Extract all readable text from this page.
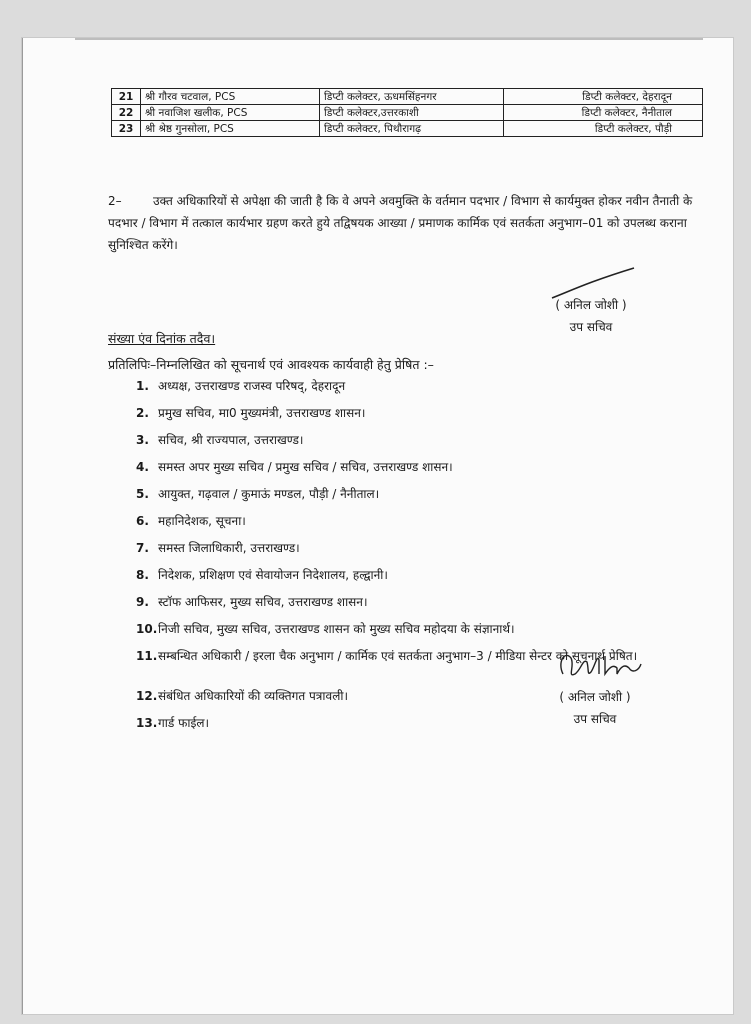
21	श्री गौरव चटवाल, PCS	डिप्टी कलेक्टर, ऊधमसिंहनगर	डिप्टी कलेक्टर, देहरादून
22	श्री नवाजिश खलीक, PCS	डिप्टी कलेक्टर,उत्तरकाशी	डिप्टी कलेक्टर, नैनीताल
23	श्री श्रेष्ठ गुनसोला, PCS	डिप्टी कलेक्टर, पिथौरागढ़	डिप्टी कलेक्टर, पौड़ी
2–	उक्त अधिकारियों से अपेक्षा की जाती है कि वे अपने अवमुक्ति के वर्तमान पदभार / विभाग से कार्यमुक्त होकर नवीन तैनाती के पदभार / विभाग में तत्काल कार्यभार ग्रहण करते हुये तद्विषयक आख्या / प्रमाणक कार्मिक एवं सतर्कता अनुभाग–01 को उपलब्ध कराना सुनिश्चित करेंगे।
( अनिल जोशी )
उप सचिव
संख्या एंव दिनांक तदैव।
प्रतिलिपिः–निम्नलिखित को सूचनार्थ एवं आवश्यक कार्यवाही हेतु प्रेषित :–
1. अध्यक्ष, उत्तराखण्ड राजस्व परिषद्, देहरादून
2. प्रमुख सचिव, मा0 मुख्यमंत्री, उत्तराखण्ड शासन।
3. सचिव, श्री राज्यपाल, उत्तराखण्ड।
4. समस्त अपर मुख्य सचिव / प्रमुख सचिव / सचिव, उत्तराखण्ड शासन।
5. आयुक्त, गढ़वाल / कुमाऊं मण्डल, पौड़ी / नैनीताल।
6. महानिदेशक, सूचना।
7. समस्त जिलाधिकारी, उत्तराखण्ड।
8. निदेशक, प्रशिक्षण एवं सेवायोजन निदेशालय, हल्द्वानी।
9. स्टॉफ आफिसर, मुख्य सचिव, उत्तराखण्ड शासन।
10. निजी सचिव, मुख्य सचिव, उत्तराखण्ड शासन को मुख्य सचिव महोदया के संज्ञानार्थ।
11. सम्बन्धित अधिकारी / इरला चैक अनुभाग / कार्मिक एवं सतर्कता अनुभाग–3 / मीडिया सेन्टर को सूचनार्थ प्रेषित।
12. संबंधित अधिकारियों की व्यक्तिगत पत्रावली।
13. गार्ड फाईल।
( अनिल जोशी )
उप सचिव
